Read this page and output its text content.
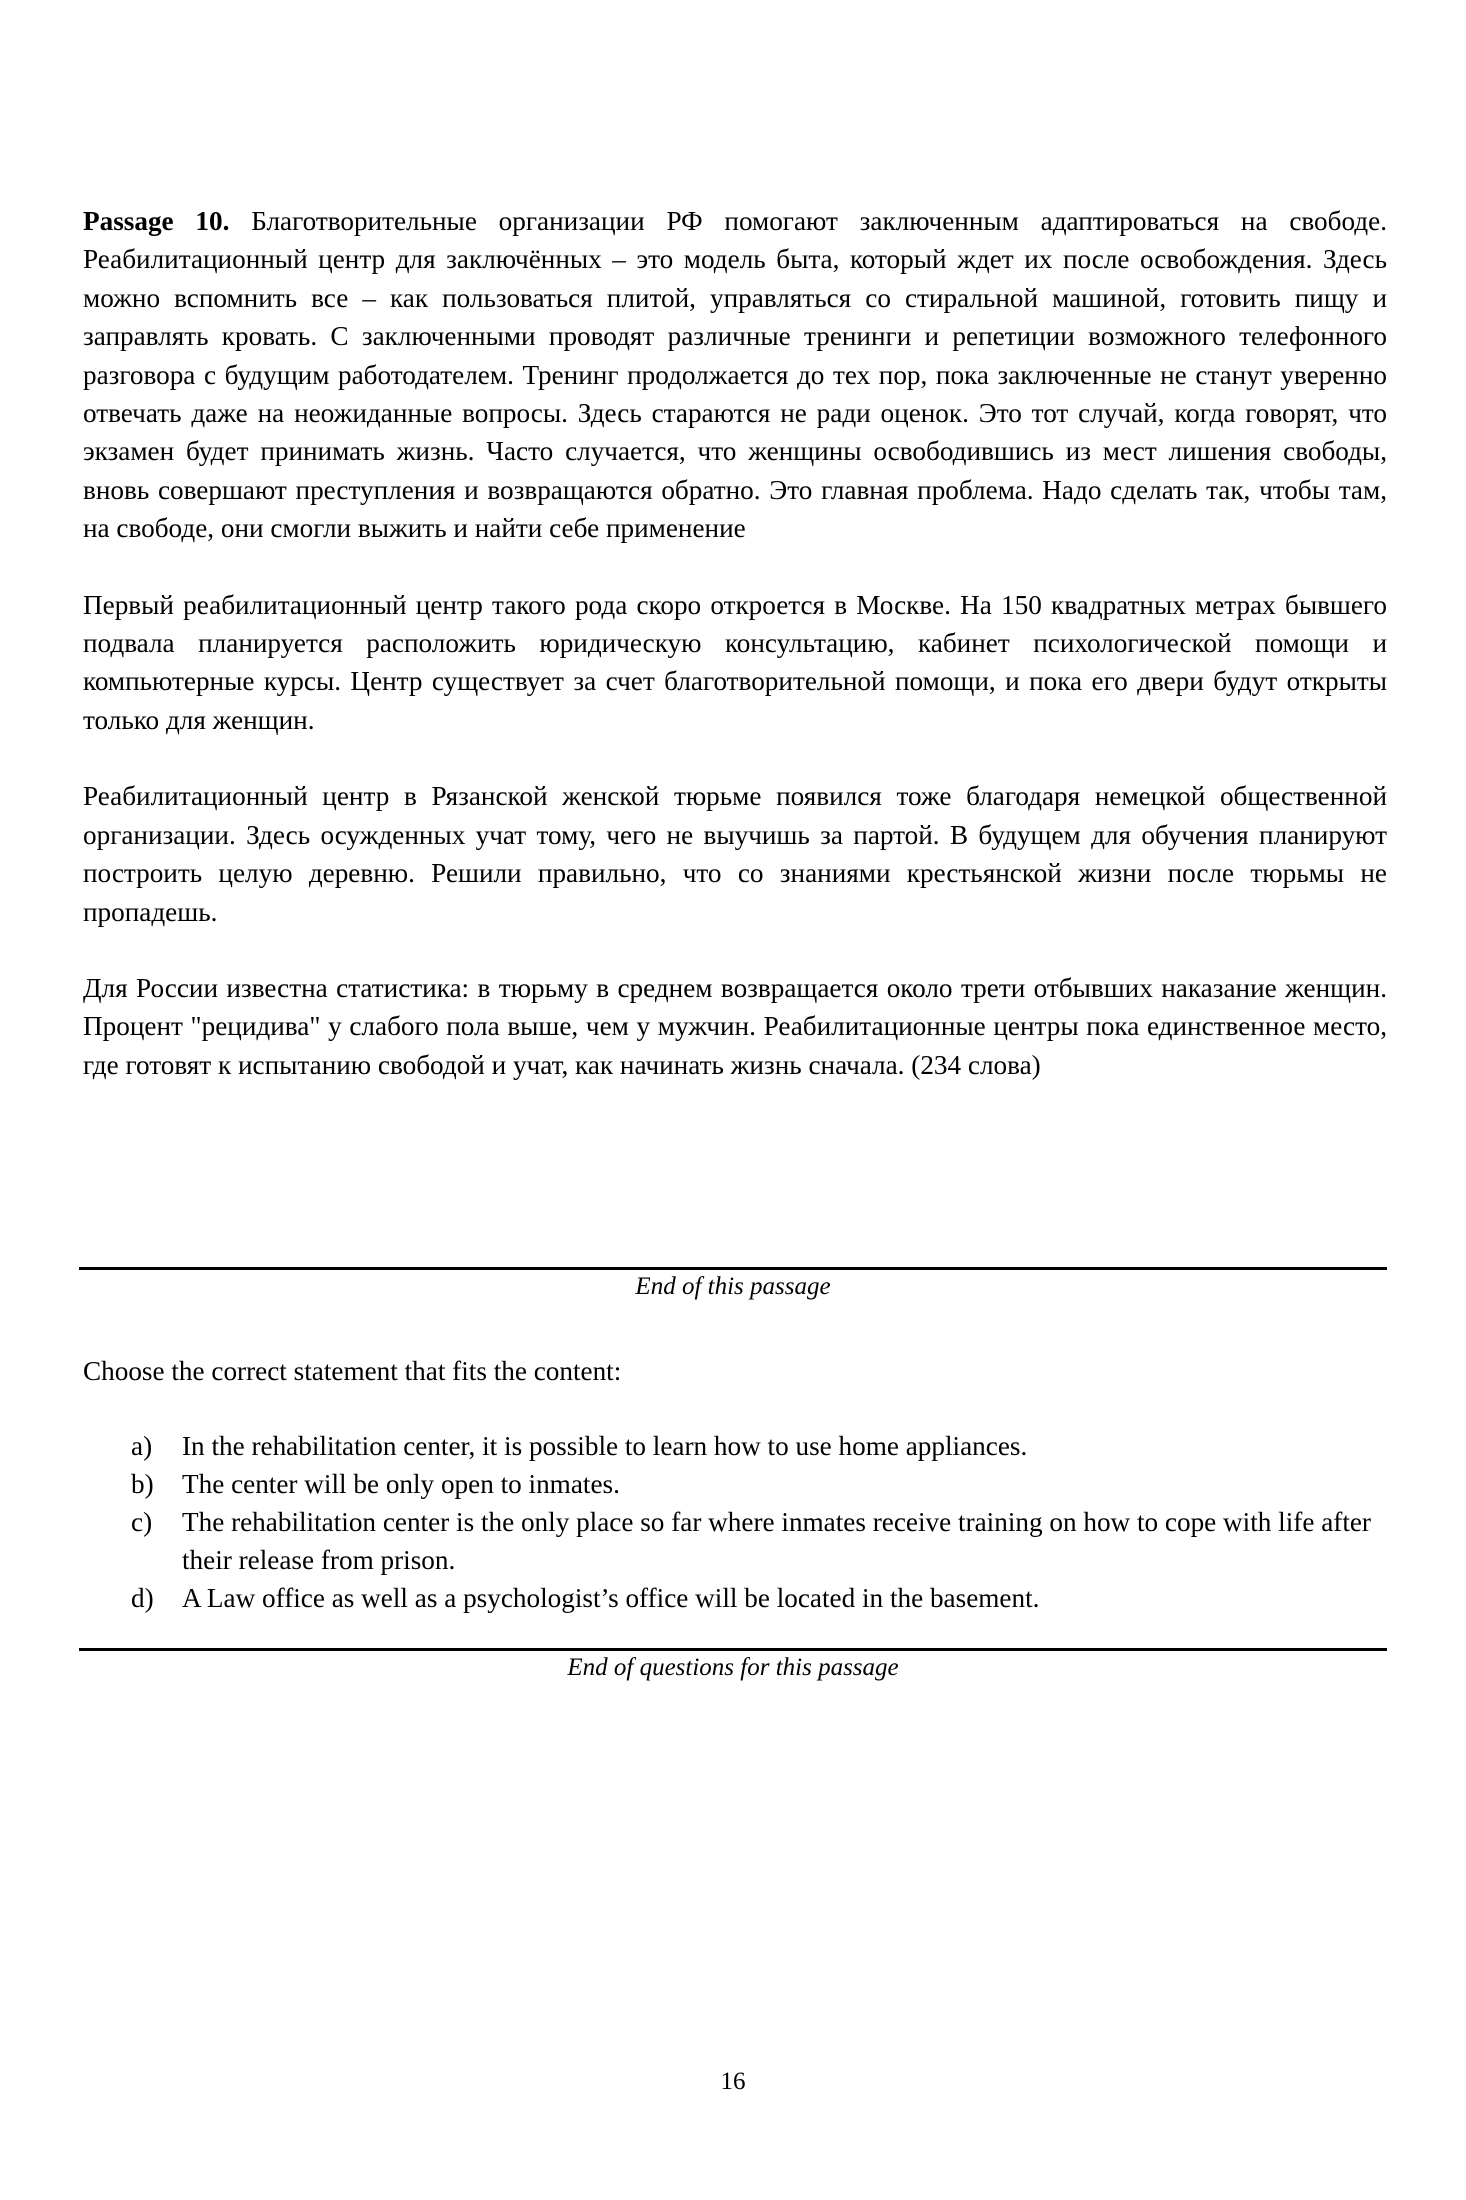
Passage 10. Благотворительные организации РФ помогают заключенным адаптироваться на свободе. Реабилитационный центр для заключённых – это модель быта, который ждет их после освобождения. Здесь можно вспомнить все – как пользоваться плитой, управляться со стиральной машиной, готовить пищу и заправлять кровать. С заключенными проводят различные тренинги и репетиции возможного телефонного разговора с будущим работодателем. Тренинг продолжается до тех пор, пока заключенные не станут уверенно отвечать даже на неожиданные вопросы. Здесь стараются не ради оценок. Это тот случай, когда говорят, что экзамен будет принимать жизнь. Часто случается, что женщины освободившись из мест лишения свободы, вновь совершают преступления и возвращаются обратно. Это главная проблема. Надо сделать так, чтобы там, на свободе, они смогли выжить и найти себе применение

Первый реабилитационный центр такого рода скоро откроется в Москве. На 150 квадратных метрах бывшего подвала планируется расположить юридическую консультацию, кабинет психологической помощи и компьютерные курсы. Центр существует за счет благотворительной помощи, и пока его двери будут открыты только для женщин.

Реабилитационный центр в Рязанской женской тюрьме появился тоже благодаря немецкой общественной организации. Здесь осужденных учат тому, чего не выучишь за партой. В будущем для обучения планируют построить целую деревню. Решили правильно, что со знаниями крестьянской жизни после тюрьмы не пропадешь.

Для России известна статистика: в тюрьму в среднем возвращается около трети отбывших наказание женщин. Процент "рецидива" у слабого пола выше, чем у мужчин. Реабилитационные центры пока единственное место, где готовят к испытанию свободой и учат, как начинать жизнь сначала. (234 слова)

End of this passage

Choose the correct statement that fits the content:

a)	In the rehabilitation center, it is possible to learn how to use home appliances.
b)	The center will be only open to inmates.
c)	The rehabilitation center is the only place so far where inmates receive training on how to cope with life after their release from prison.
d)	A Law office as well as a psychologist’s office will be located in the basement.
End of questions for this passage
16
